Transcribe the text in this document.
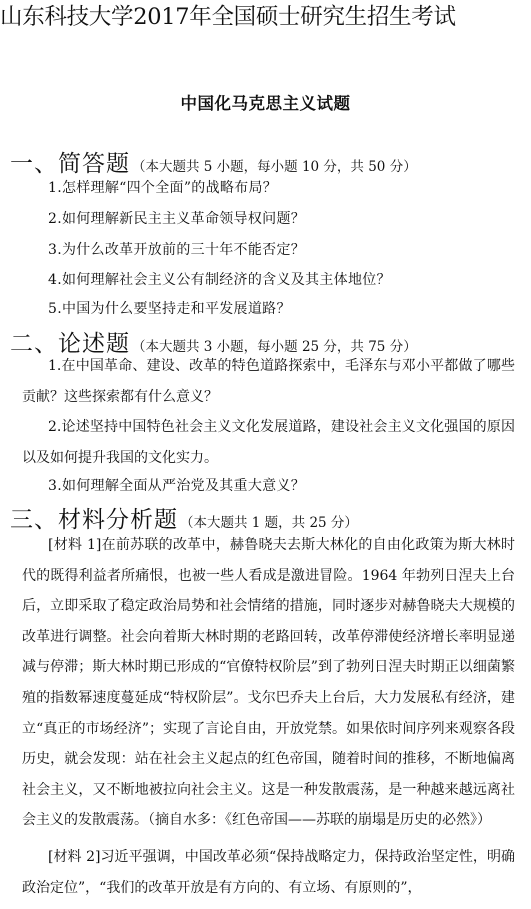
山东科技大学2017年全国硕士研究生招生考试
中国化马克思主义试题
一、简答题 （本大题共 5 小题，每小题 10 分，共 50 分）
1.怎样理解“四个全面”的战略布局？
2.如何理解新民主主义革命领导权问题？
3.为什么改革开放前的三十年不能否定？
4.如何理解社会主义公有制经济的含义及其主体地位？
5.中国为什么要坚持走和平发展道路？
二、论述题 （本大题共 3 小题，每小题 25 分，共 75 分）
1.在中国革命、建设、改革的特色道路探索中，毛泽东与邓小平都做了哪些贡献？这些探索都有什么意义？
2.论述坚持中国特色社会主义文化发展道路，建设社会主义文化强国的原因以及如何提升我国的文化实力。
3.如何理解全面从严治党及其重大意义？
三、材料分析题 （本大题共 1 题，共 25 分）
[材料 1]在前苏联的改革中，赫鲁晓夫去斯大林化的自由化政策为斯大林时代的既得利益者所痛恨，也被一些人看成是激进冒险。1964 年勃列日涅夫上台后，立即采取了稳定政治局势和社会情绪的措施，同时逐步对赫鲁晓夫大规模的改革进行调整。社会向着斯大林时期的老路回转，改革停滞使经济增长率明显递减与停滞；斯大林时期已形成的“官僚特权阶层”到了勃列日涅夫时期正以细菌繁殖的指数幂速度蔓延成“特权阶层”。戈尔巴乔夫上台后，大力发展私有经济，建立“真正的市场经济”；实现了言论自由，开放党禁。如果依时间序列来观察各段历史，就会发现：站在社会主义起点的红色帝国，随着时间的推移，不断地偏离社会主义，又不断地被拉向社会主义。这是一种发散震荡，是一种越来越远离社会主义的发散震荡。（摘自水多：《红色帝国——苏联的崩塌是历史的必然》）
[材料 2]习近平强调，中国改革必须“保持战略定力，保持政治坚定性，明确政治定位”，“我们的改革开放是有方向的、有立场、有原则的”，
